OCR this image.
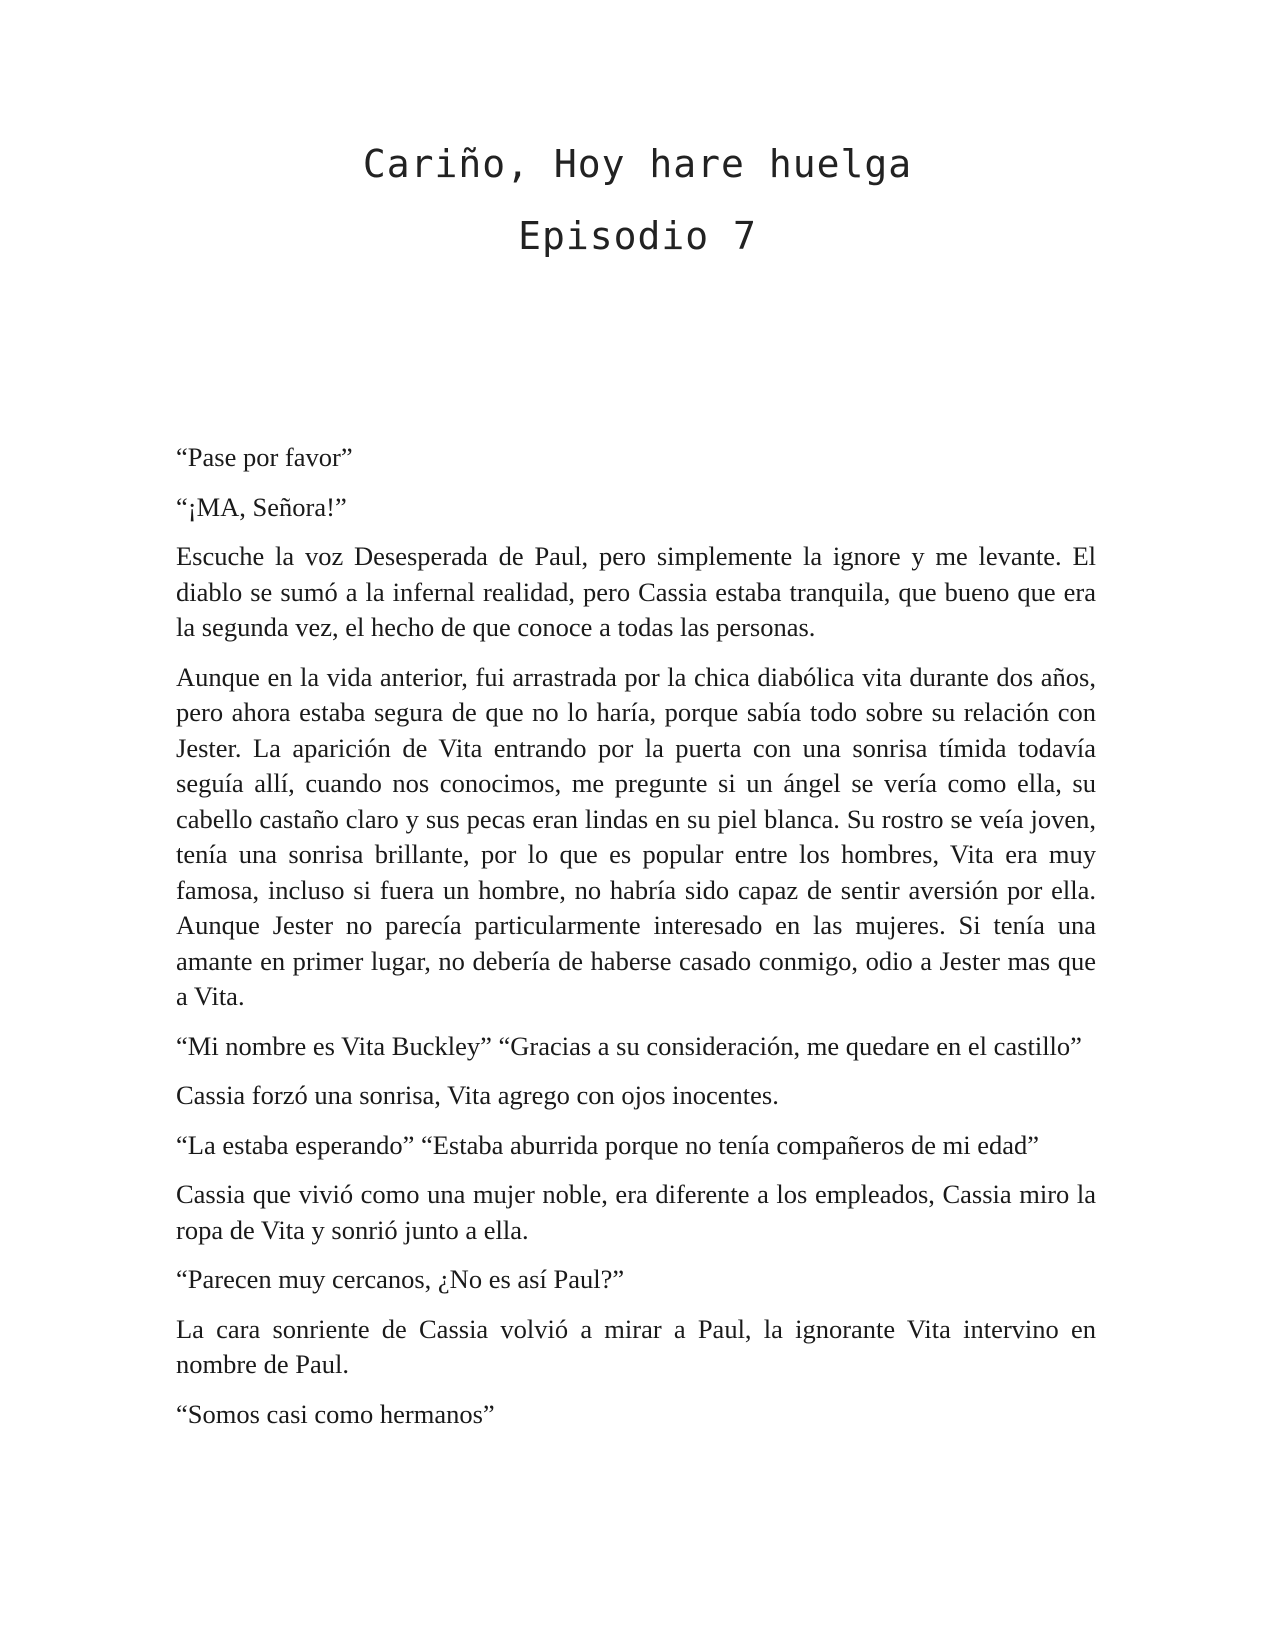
Cariño, Hoy hare huelga

Episodio 7

“Pase por favor”

“¡MA, Señora!”

Escuche la voz Desesperada de Paul, pero simplemente la ignore y me levante. El diablo se sumó a la infernal realidad, pero Cassia estaba tranquila, que bueno que era la segunda vez, el hecho de que conoce a todas las personas.

Aunque en la vida anterior, fui arrastrada por la chica diabólica vita durante dos años, pero ahora estaba segura de que no lo haría, porque sabía todo sobre su relación con Jester. La aparición de Vita entrando por la puerta con una sonrisa tímida todavía seguía allí, cuando nos conocimos, me pregunte si un ángel se vería como ella, su cabello castaño claro y sus pecas eran lindas en su piel blanca. Su rostro se veía joven, tenía una sonrisa brillante, por lo que es popular entre los hombres, Vita era muy famosa, incluso si fuera un hombre, no habría sido capaz de sentir aversión por ella. Aunque Jester no parecía particularmente interesado en las mujeres. Si tenía una amante en primer lugar, no debería de haberse casado conmigo, odio a Jester mas que a Vita.

“Mi nombre es Vita Buckley” “Gracias a su consideración, me quedare en el castillo”

Cassia forzó una sonrisa, Vita agrego con ojos inocentes.

“La estaba esperando” “Estaba aburrida porque no tenía compañeros de mi edad”

Cassia que vivió como una mujer noble, era diferente a los empleados, Cassia miro la ropa de Vita y sonrió junto a ella.

“Parecen muy cercanos, ¿No es así Paul?”

La cara sonriente de Cassia volvió a mirar a Paul, la ignorante Vita intervino en nombre de Paul.

“Somos casi como hermanos”
